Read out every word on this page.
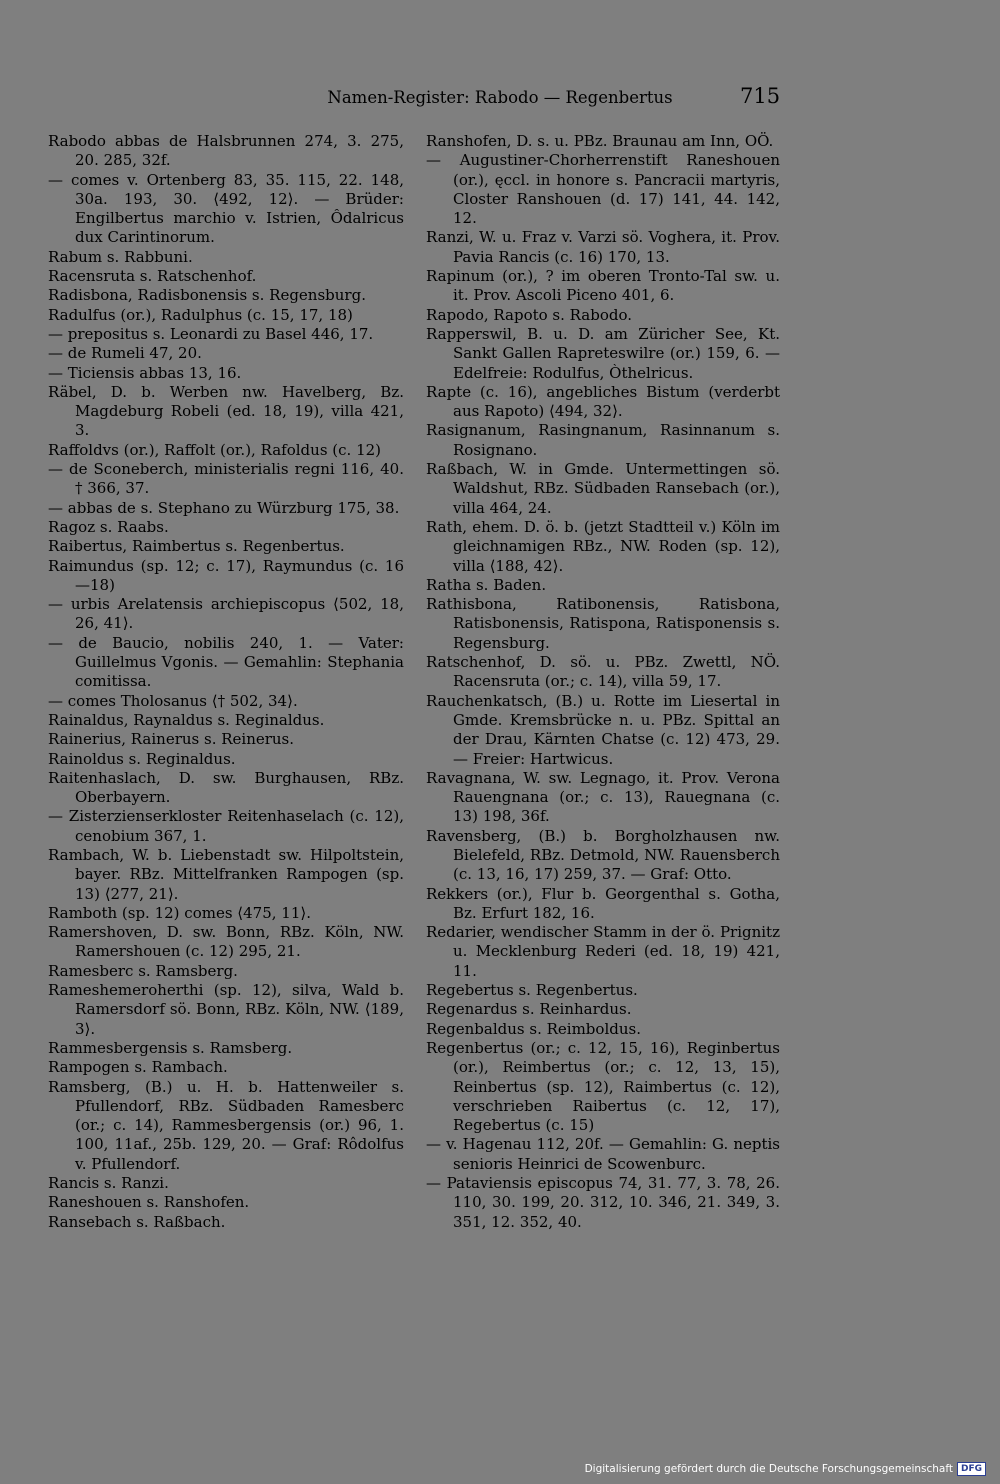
Namen-Register: Rabodo — Regenbertus	715

Rabodo abbas de Halsbrunnen 274, 3. 275, 20. 285, 32f.

— comes v. Ortenberg 83, 35. 115, 22. 148, 30a. 193, 30. ⟨492, 12⟩. — Brüder: Engilbertus marchio v. Istrien, Ôdalricus dux Carintinorum.

Rabum s. Rabbuni.

Racensruta s. Ratschenhof.

Radisbona, Radisbonensis s. Regensburg.

Radulfus (or.), Radulphus (c. 15, 17, 18)

— prepositus s. Leonardi zu Basel 446, 17.

— de Rumeli 47, 20.

— Ticiensis abbas 13, 16.

Räbel, D. b. Werben nw. Havelberg, Bz. Magdeburg Robeli (ed. 18, 19), villa 421, 3.

Raffoldvs (or.), Raffolt (or.), Rafoldus (c. 12)

— de Sconeberch, ministerialis regni 116, 40. † 366, 37.

— abbas de s. Stephano zu Würzburg 175, 38.

Ragoz s. Raabs.

Raibertus, Raimbertus s. Regenbertus.

Raimundus (sp. 12; c. 17), Raymundus (c. 16—18)

— urbis Arelatensis archiepiscopus ⟨502, 18, 26, 41⟩.

— de Baucio, nobilis 240, 1. — Vater: Guillelmus Vgonis. — Gemahlin: Stephania comitissa.

— comes Tholosanus ⟨† 502, 34⟩.

Rainaldus, Raynaldus s. Reginaldus.

Rainerius, Rainerus s. Reinerus.

Rainoldus s. Reginaldus.

Raitenhaslach, D. sw. Burghausen, RBz. Oberbayern.

— Zisterzienserkloster Reitenhaselach (c. 12), cenobium 367, 1.

Rambach, W. b. Liebenstadt sw. Hilpoltstein, bayer. RBz. Mittelfranken Rampogen (sp. 13) ⟨277, 21⟩.

Ramboth (sp. 12) comes ⟨475, 11⟩.

Ramershoven, D. sw. Bonn, RBz. Köln, NW. Ramershouen (c. 12) 295, 21.

Ramesberc s. Ramsberg.

Rameshemeroherthi (sp. 12), silva, Wald b. Ramersdorf sö. Bonn, RBz. Köln, NW. ⟨189, 3⟩.

Rammesbergensis s. Ramsberg.

Rampogen s. Rambach.

Ramsberg, (B.) u. H. b. Hattenweiler s. Pfullendorf, RBz. Südbaden Ramesberc (or.; c. 14), Rammesbergensis (or.) 96, 1. 100, 11af., 25b. 129, 20. — Graf: Rôdolfus v. Pfullendorf.

Rancis s. Ranzi.

Raneshouen s. Ranshofen.

Ransebach s. Raßbach.

Ranshofen, D. s. u. PBz. Braunau am Inn, OÖ.

— Augustiner-Chorherrenstift Raneshouen (or.), ęccl. in honore s. Pancracii martyris, Closter Ranshouen (d. 17) 141, 44. 142, 12.

Ranzi, W. u. Fraz v. Varzi sö. Voghera, it. Prov. Pavia Rancis (c. 16) 170, 13.

Rapinum (or.), ? im oberen Tronto-Tal sw. u. it. Prov. Ascoli Piceno 401, 6.

Rapodo, Rapoto s. Rabodo.

Rapperswil, B. u. D. am Züricher See, Kt. Sankt Gallen Rapreteswilre (or.) 159, 6. — Edelfreie: Rodulfus, Òthelricus.

Rapte (c. 16), angebliches Bistum (verderbt aus Rapoto) ⟨494, 32⟩.

Rasignanum, Rasingnanum, Rasinnanum s. Rosignano.

Raßbach, W. in Gmde. Untermettingen sö. Waldshut, RBz. Südbaden Ransebach (or.), villa 464, 24.

Rath, ehem. D. ö. b. (jetzt Stadtteil v.) Köln im gleichnamigen RBz., NW. Roden (sp. 12), villa ⟨188, 42⟩.

Ratha s. Baden.

Rathisbona, Ratibonensis, Ratisbona, Ratisbonensis, Ratispona, Ratisponensis s. Regensburg.

Ratschenhof, D. sö. u. PBz. Zwettl, NÖ. Racensruta (or.; c. 14), villa 59, 17.

Rauchenkatsch, (B.) u. Rotte im Liesertal in Gmde. Kremsbrücke n. u. PBz. Spittal an der Drau, Kärnten Chatse (c. 12) 473, 29. — Freier: Hartwicus.

Ravagnana, W. sw. Legnago, it. Prov. Verona Rauengnana (or.; c. 13), Rauegnana (c. 13) 198, 36f.

Ravensberg, (B.) b. Borgholzhausen nw. Bielefeld, RBz. Detmold, NW. Rauensberch (c. 13, 16, 17) 259, 37. — Graf: Otto.

Rekkers (or.), Flur b. Georgenthal s. Gotha, Bz. Erfurt 182, 16.

Redarier, wendischer Stamm in der ö. Prignitz u. Mecklenburg Rederi (ed. 18, 19) 421, 11.

Regebertus s. Regenbertus.

Regenardus s. Reinhardus.

Regenbaldus s. Reimboldus.

Regenbertus (or.; c. 12, 15, 16), Reginbertus (or.), Reimbertus (or.; c. 12, 13, 15), Reinbertus (sp. 12), Raimbertus (c. 12), verschrieben Raibertus (c. 12, 17), Regebertus (c. 15)

— v. Hagenau 112, 20f. — Gemahlin: G. neptis senioris Heinrici de Scowenburc.

— Pataviensis episcopus 74, 31. 77, 3. 78, 26. 110, 30. 199, 20. 312, 10. 346, 21. 349, 3. 351, 12. 352, 40.

Digitalisierung gefördert durch die Deutsche Forschungsgemeinschaft DFG
